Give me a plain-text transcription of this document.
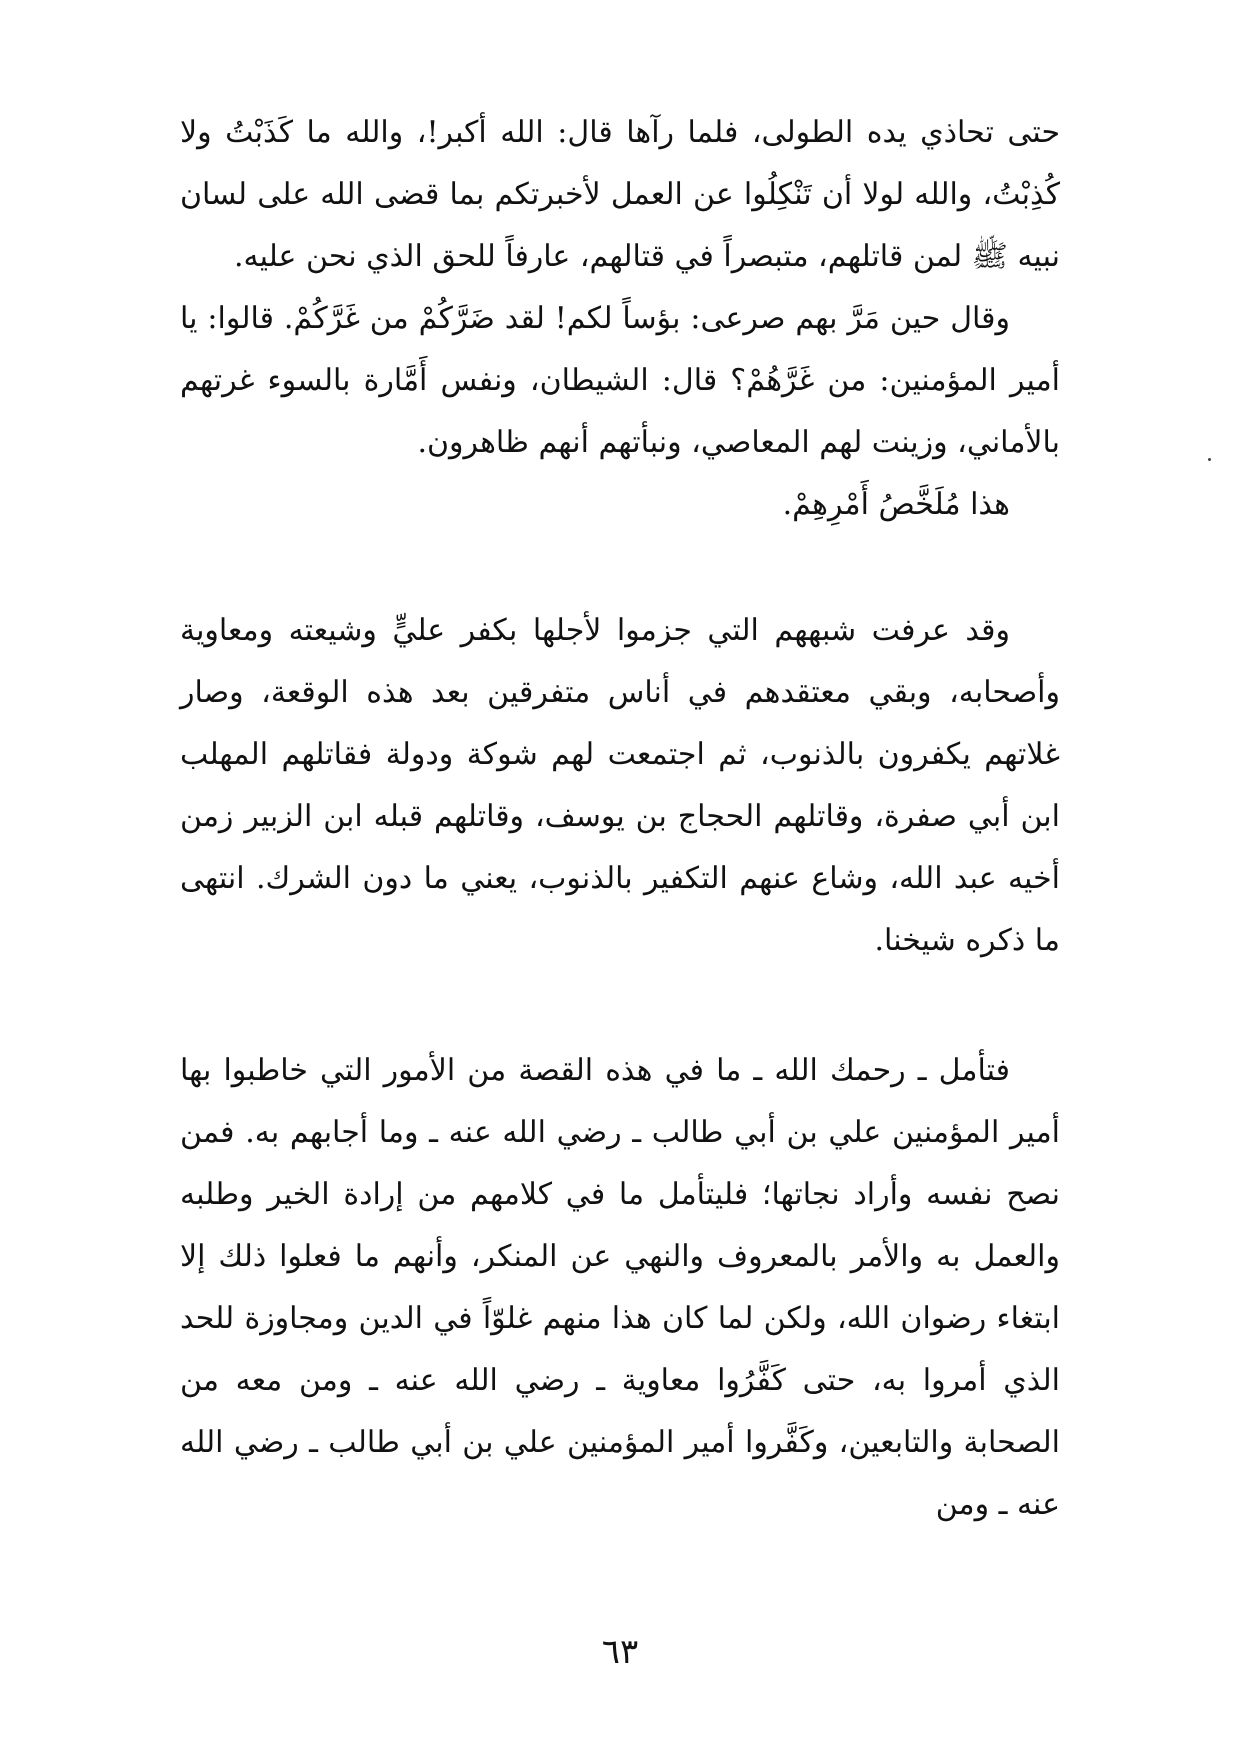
حتى تحاذي يده الطولى، فلما رآها قال: الله أكبر!، والله ما كَذَبْتُ ولا كُذِبْتُ، والله لولا أن تَنْكِلُوا عن العمل لأخبرتكم بما قضى الله على لسان نبيه ﷺ لمن قاتلهم، متبصراً في قتالهم، عارفاً للحق الذي نحن عليه.

وقال حين مَرَّ بهم صرعى: بؤساً لكم! لقد ضَرَّكُمْ من غَرَّكُمْ. قالوا: يا أمير المؤمنين: من غَرَّهُمْ؟ قال: الشيطان، ونفس أَمَّارة بالسوء غرتهم بالأماني، وزينت لهم المعاصي، ونبأتهم أنهم ظاهرون.

هذا مُلَخَّصُ أَمْرِهِمْ.

وقد عرفت شبههم التي جزموا لأجلها بكفر عليٍّ وشيعته ومعاوية وأصحابه، وبقي معتقدهم في أناس متفرقين بعد هذه الوقعة، وصار غلاتهم يكفرون بالذنوب، ثم اجتمعت لهم شوكة ودولة فقاتلهم المهلب ابن أبي صفرة، وقاتلهم الحجاج بن يوسف، وقاتلهم قبله ابن الزبير زمن أخيه عبد الله، وشاع عنهم التكفير بالذنوب، يعني ما دون الشرك. انتهى ما ذكره شيخنا.

فتأمل ـ رحمك الله ـ ما في هذه القصة من الأمور التي خاطبوا بها أمير المؤمنين علي بن أبي طالب ـ رضي الله عنه ـ وما أجابهم به. فمن نصح نفسه وأراد نجاتها؛ فليتأمل ما في كلامهم من إرادة الخير وطلبه والعمل به والأمر بالمعروف والنهي عن المنكر، وأنهم ما فعلوا ذلك إلا ابتغاء رضوان الله، ولكن لما كان هذا منهم غلوّاً في الدين ومجاوزة للحد الذي أمروا به، حتى كَفَّرُوا معاوية ـ رضي الله عنه ـ ومن معه من الصحابة والتابعين، وكَفَّروا أمير المؤمنين علي بن أبي طالب ـ رضي الله عنه ـ ومن

٦٣
